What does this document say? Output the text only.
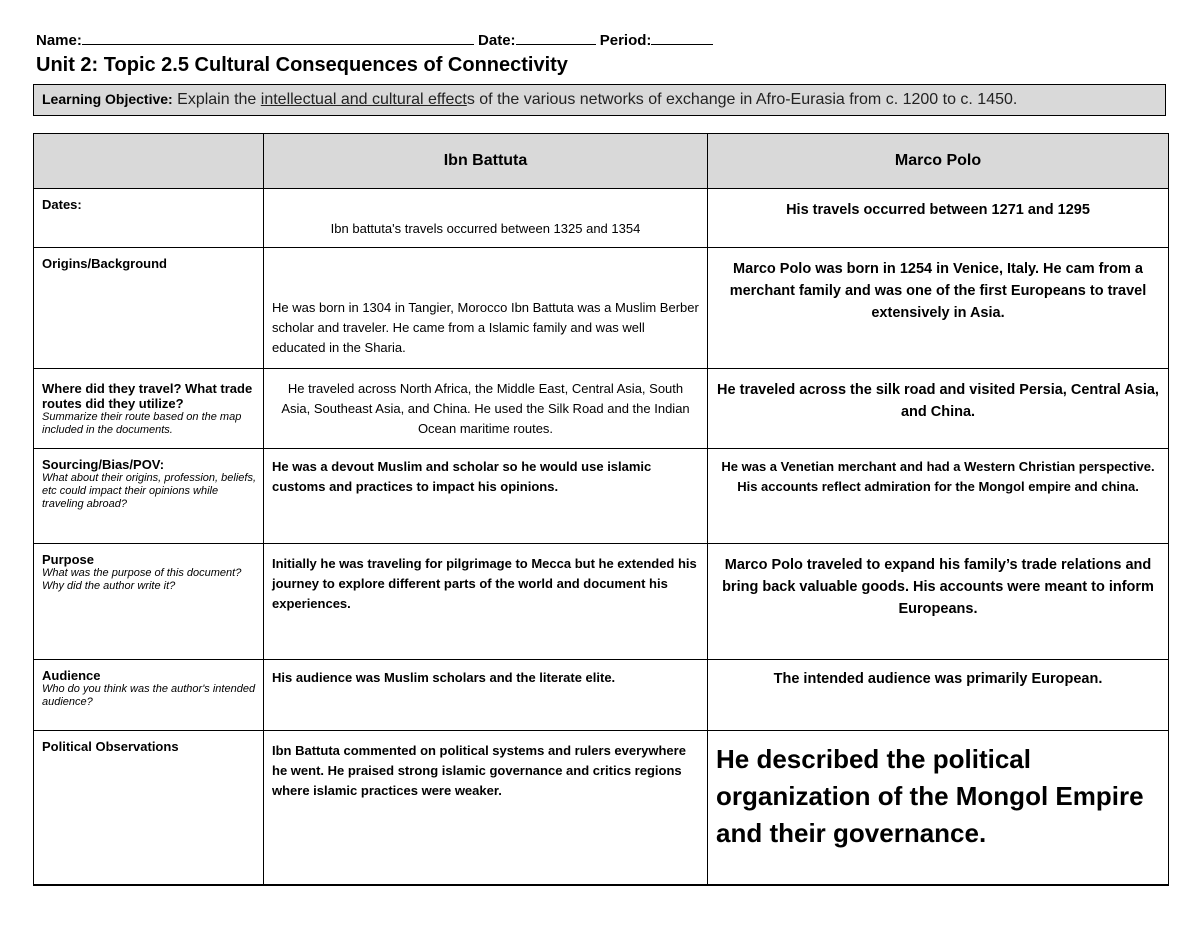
Name:	Date:	Period:
Unit 2: Topic 2.5 Cultural Consequences of Connectivity
Learning Objective: Explain the intellectual and cultural effects of the various networks of exchange in Afro-Eurasia from c. 1200 to c. 1450.
	Ibn Battuta	Marco Polo

Dates:	Ibn battuta's travels occurred between 1325 and 1354	His travels occurred between 1271 and 1295

Origins/Background	He was born in 1304 in Tangier, Morocco Ibn Battuta was a Muslim Berber scholar and traveler. He came from a Islamic family and was well educated in the Sharia.	Marco Polo was born in 1254 in Venice, Italy. He cam from a merchant family and was one of the first Europeans to travel extensively in Asia.

Where did they travel? What trade routes did they utilize?
Summarize their route based on the map included in the documents.	He traveled across North Africa, the Middle East, Central Asia, South Asia, Southeast Asia, and China. He used the Silk Road and the Indian Ocean maritime routes.	He traveled across the silk road and visited Persia, Central Asia, and China.

Sourcing/Bias/POV:
What about their origins, profession, beliefs, etc could impact their opinions while traveling abroad?	He was a devout Muslim and scholar so he would use islamic customs and practices to impact his opinions.	He was a Venetian merchant and had a Western Christian perspective. His accounts reflect admiration for the Mongol empire and china.

Purpose
What was the purpose of this document? Why did the author write it?	Initially he was traveling for pilgrimage to Mecca but he extended his journey to explore different parts of the world and document his experiences.	Marco Polo traveled to expand his family’s trade relations and bring back valuable goods. His accounts were meant to inform Europeans.

Audience
Who do you think was the author's intended audience?	His audience was Muslim scholars and the literate elite.	The intended audience was primarily European.

Political Observations	Ibn Battuta commented on political systems and rulers everywhere he went. He praised strong islamic governance and critics regions where islamic practices were weaker.	He described the political organization of the Mongol Empire and their governance.
